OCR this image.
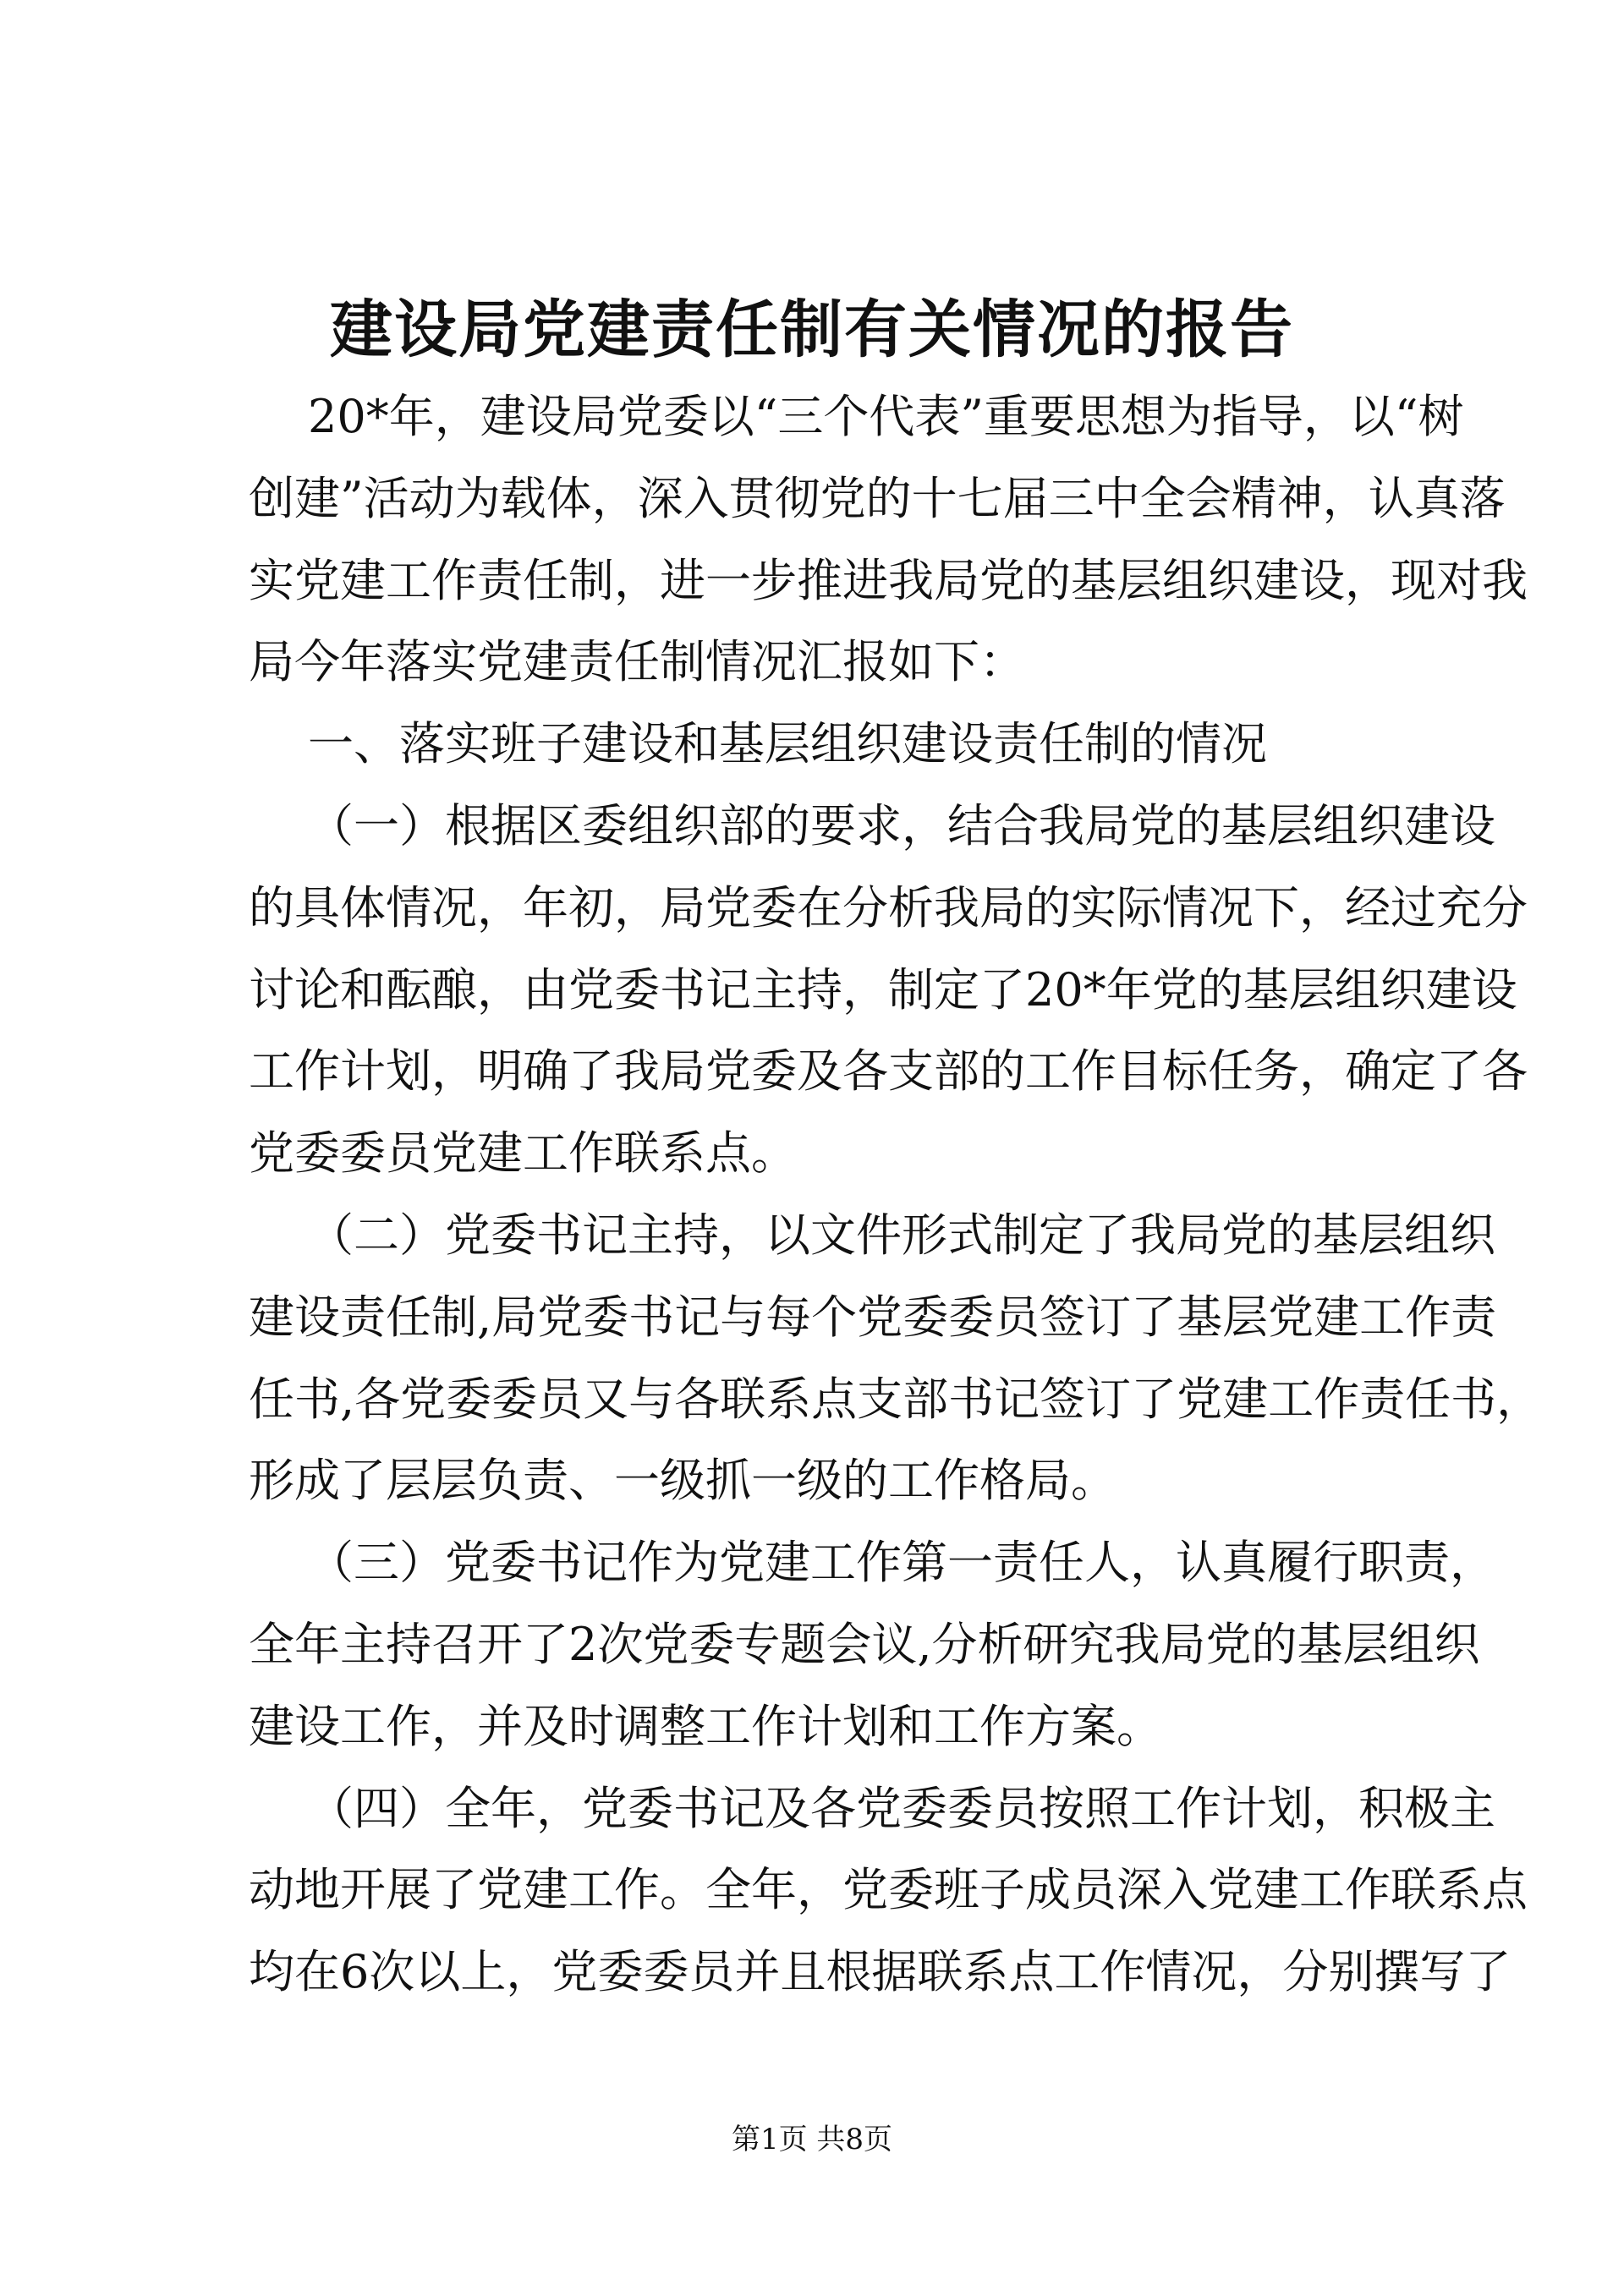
建设局党建责任制有关情况的报告
20*年，建设局党委以“三个代表”重要思想为指导，以“树
创建”活动为载体，深入贯彻党的十七届三中全会精神，认真落
实党建工作责任制，进一步推进我局党的基层组织建设，现对我
局今年落实党建责任制情况汇报如下：
一、落实班子建设和基层组织建设责任制的情况
（一）根据区委组织部的要求，结合我局党的基层组织建设
的具体情况，年初，局党委在分析我局的实际情况下，经过充分
讨论和酝酿，由党委书记主持，制定了20*年党的基层组织建设
工作计划，明确了我局党委及各支部的工作目标任务，确定了各
党委委员党建工作联系点。
（二）党委书记主持，以文件形式制定了我局党的基层组织
建设责任制,局党委书记与每个党委委员签订了基层党建工作责
任书,各党委委员又与各联系点支部书记签订了党建工作责任书，
形成了层层负责、一级抓一级的工作格局。
（三）党委书记作为党建工作第一责任人，认真履行职责，
全年主持召开了2次党委专题会议,分析研究我局党的基层组织
建设工作，并及时调整工作计划和工作方案。
（四）全年，党委书记及各党委委员按照工作计划，积极主
动地开展了党建工作。全年，党委班子成员深入党建工作联系点
均在6次以上，党委委员并且根据联系点工作情况，分别撰写了
第1页 共8页
